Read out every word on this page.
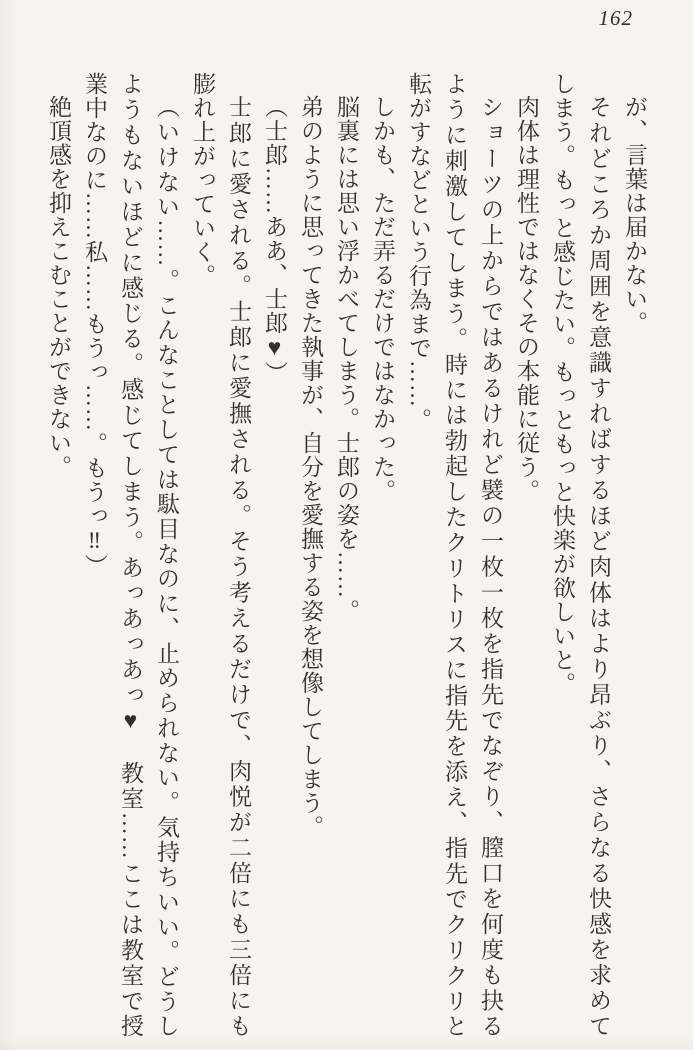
162
が、言葉は届かない。
それどころか周囲を意識すればするほど肉体はより昂ぶり、さらなる快感を求めて
しまう。もっと感じたい。もっともっと快楽が欲しいと。
肉体は理性ではなくその本能に従う。
ショーツの上からではあるけれど襞の一枚一枚を指先でなぞり、膣口を何度も抉る
ように刺激してしまう。時には勃起したクリトリスに指先を添え、指先でクリクリと
転がすなどという行為まで……。
しかも、ただ弄るだけではなかった。
脳裏には思い浮かべてしまう。士郎の姿を……。
弟のように思ってきた執事が、自分を愛撫する姿を想像してしまう。
（士郎……ああ、士郎♥）
士郎に愛される。士郎に愛撫される。そう考えるだけで、肉悦が二倍にも三倍にも
膨れ上がっていく。
（いけない……。こんなことしては駄目なのに、止められない。気持ちいい。どうし
ようもないほどに感じる。感じてしまう。あっあっあっ♥　教室……ここは教室で授
業中なのに……私……もうっ……。もうっ‼）
絶頂感を抑えこむことができない。
